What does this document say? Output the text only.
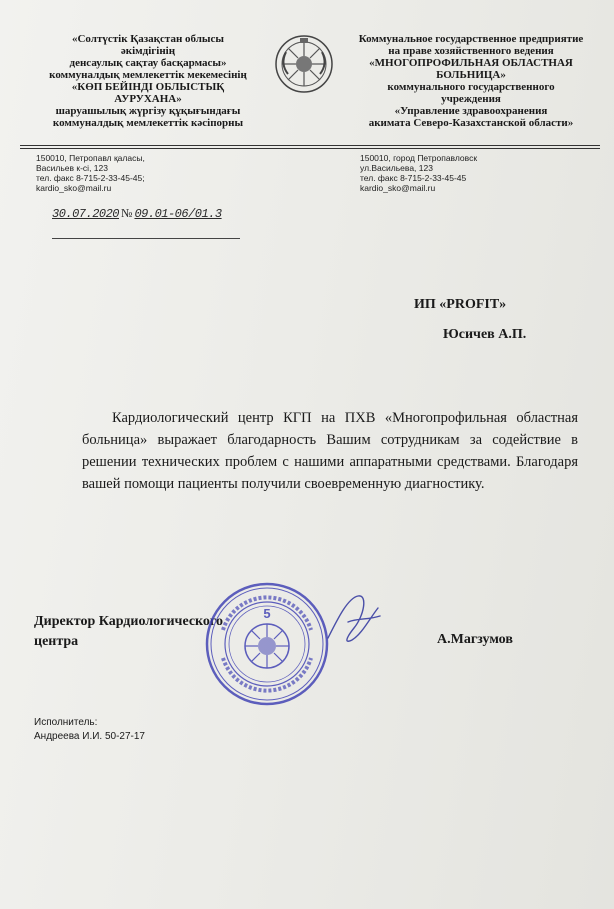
«Солтүстік Қазақстан облысы
әкімдігінің
денсаулық сақтау басқармасы»
коммуналдық мемлекеттік мекемесінің
«КӨП БЕЙІНДІ ОБЛЫСТЫҚ
АУРУХАНА»
шаруашылық жүргізу құқығындағы
коммуналдық мемлекеттік кәсіпорны
Коммунальное государственное предприятие
на праве хозяйственного ведения
«МНОГОПРОФИЛЬНАЯ ОБЛАСТНАЯ
БОЛЬНИЦА»
коммунального государственного
учреждения
«Управление здравоохранения
акимата Северо-Казахстанской области»
150010, Петропавл қаласы,
Васильев к-сі, 123
тел. факс 8-715-2-33-45-45;
kardio_sko@mail.ru
150010, город Петропавловск
ул.Васильева, 123
тел. факс 8-715-2-33-45-45
kardio_sko@mail.ru
30.07.2020 № 09.01-06/01.3
ИП «PROFIT»
Юсичев А.П.
Кардиологический центр КГП на ПХВ «Многопрофильная областная больница» выражает благодарность Вашим сотрудникам за содействие в решении технических проблем с нашими аппаратными средствами. Благодаря вашей помощи пациенты получили своевременную диагностику.
Директор Кардиологического
центра	А.Магзумов
5
Исполнитель:
Андреева И.И. 50-27-17
